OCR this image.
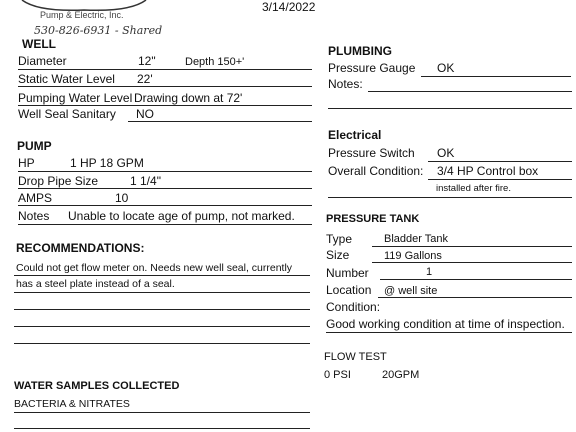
Pump & Electric, Inc.
3/14/2022
530-826-6931 - Shared
WELL
Diameter	12"	Depth 150+'
Static Water Level 22'
Pumping Water Level Drawing down at 72'
Well Seal Sanitary NO
PUMP
HP	1 HP 18 GPM
Drop Pipe Size	1 1/4"
AMPS	10
Notes Unable to locate age of pump, not marked.
RECOMMENDATIONS:
Could not get flow meter on. Needs new well seal, currently
has a steel plate instead of a seal.
WATER SAMPLES COLLECTED
BACTERIA & NITRATES
PLUMBING
Pressure Gauge OK
Notes:
Electrical
Pressure Switch OK
Overall Condition: 3/4 HP Control box
installed after fire.
PRESSURE TANK
Type	Bladder Tank
Size	119 Gallons
Number	1
Location @ well site
Condition:
Good working condition at time of inspection.
FLOW TEST
0 PSI	20GPM
